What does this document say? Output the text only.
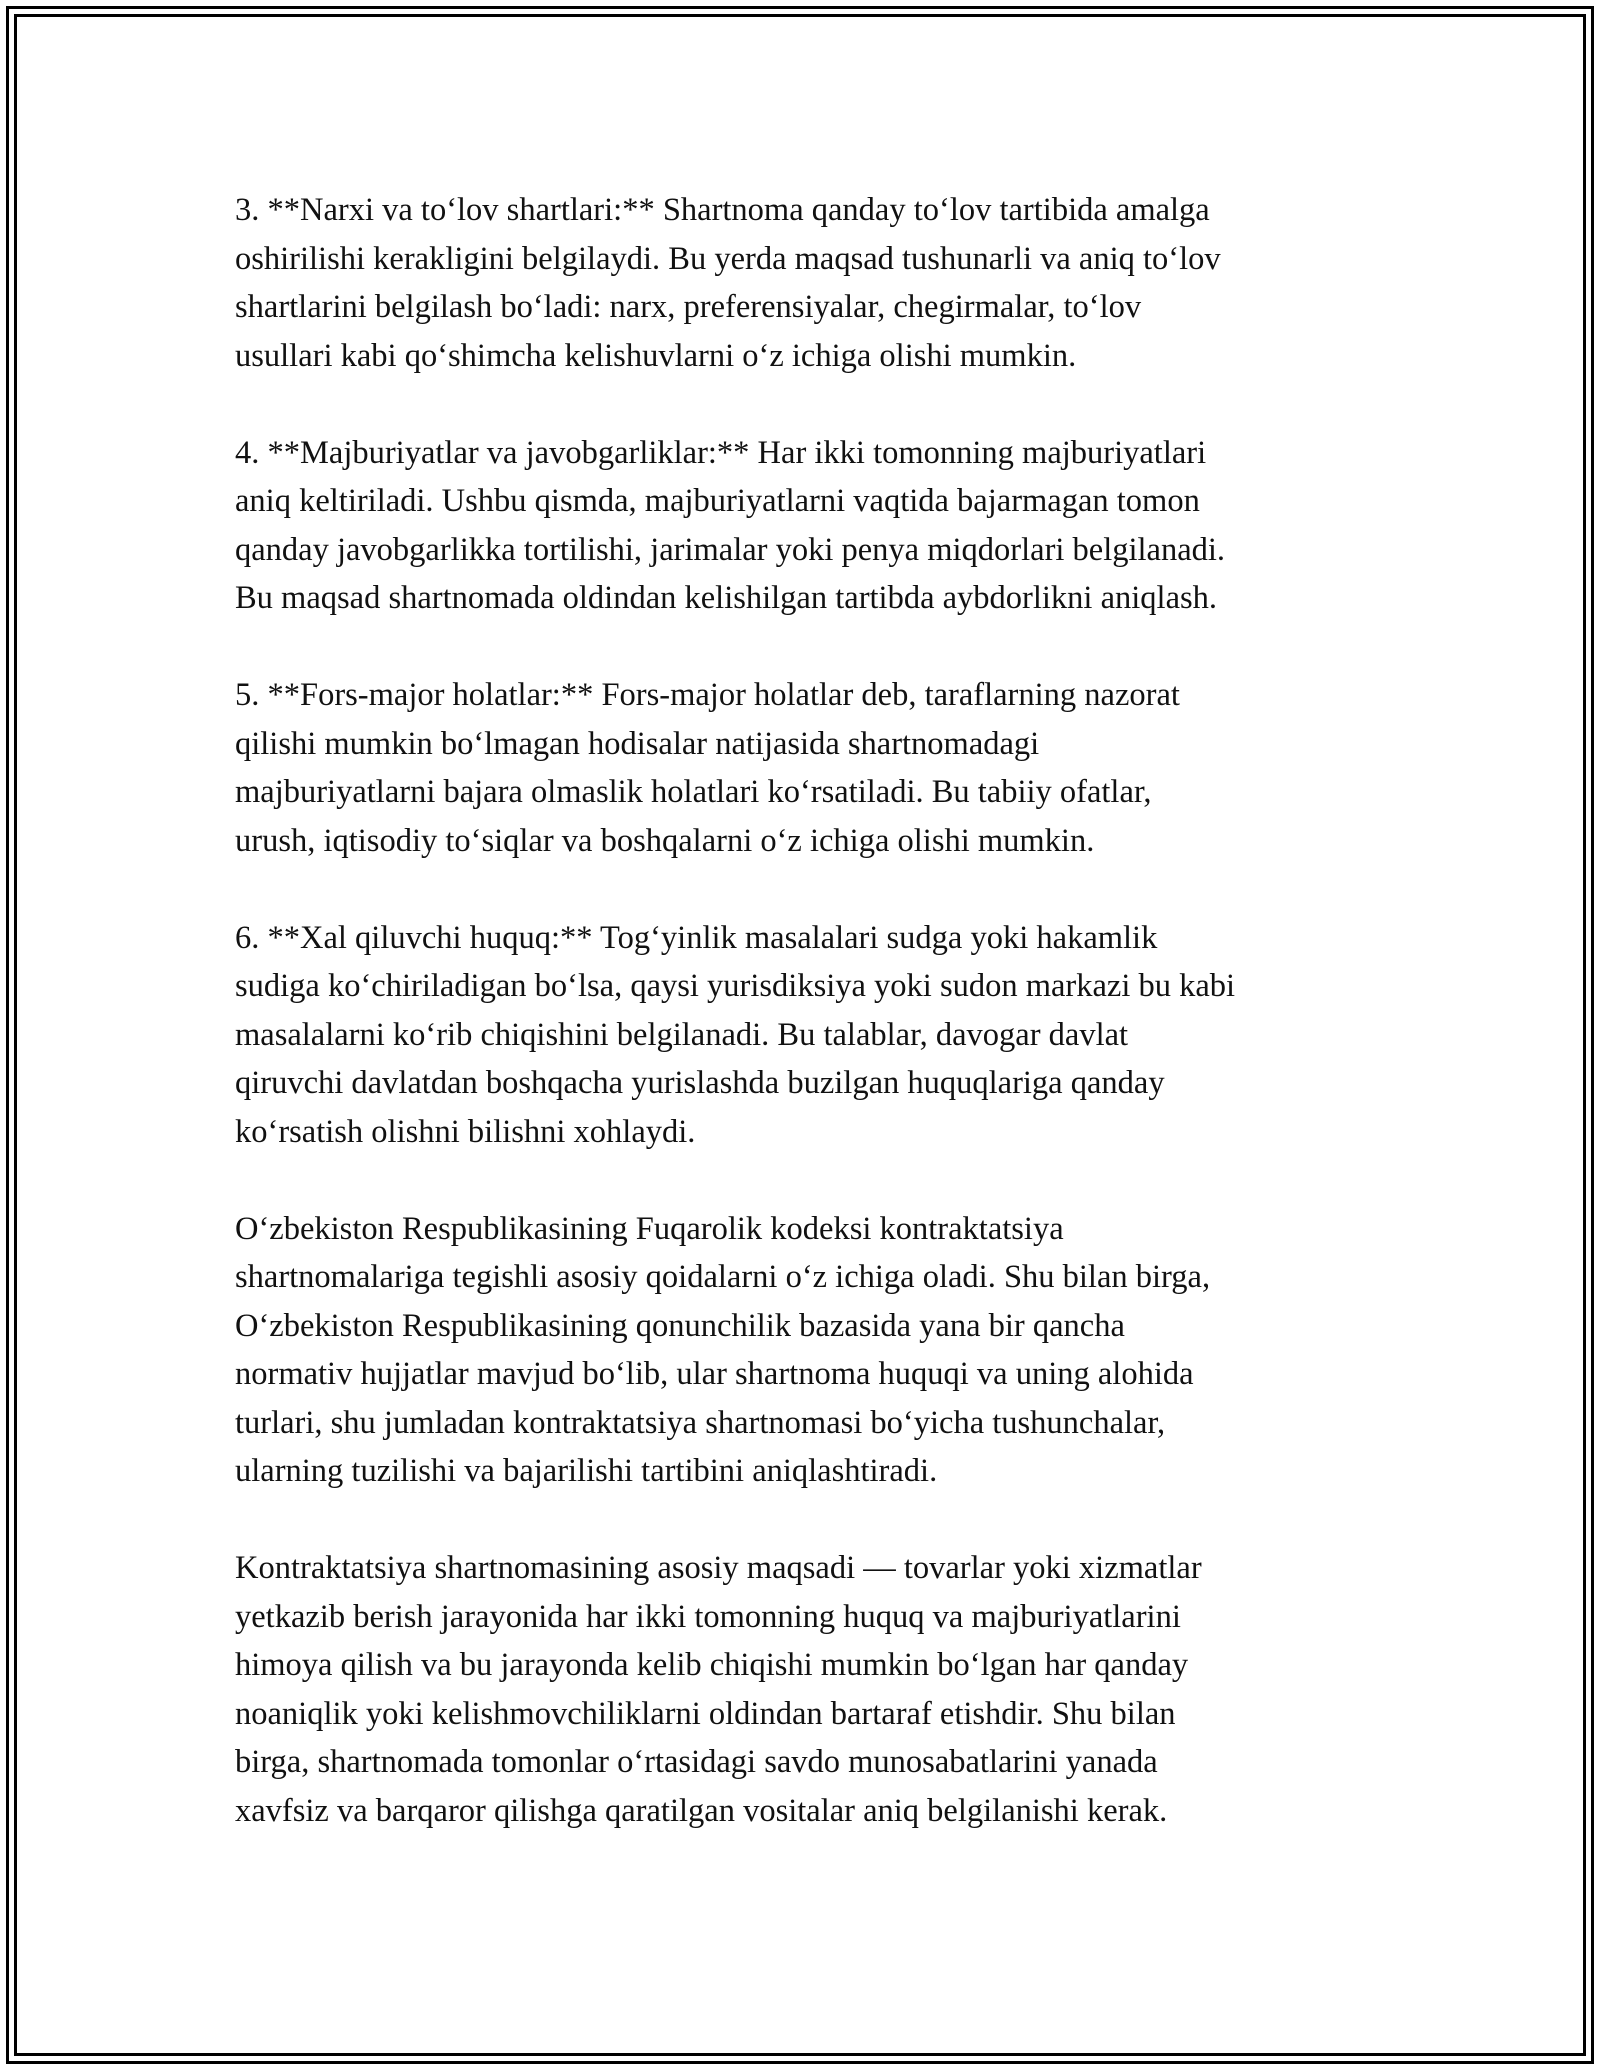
3. **Narxi va to‘lov shartlari:** Shartnoma qanday to‘lov tartibida amalga
oshirilishi kerakligini belgilaydi. Bu yerda maqsad tushunarli va aniq to‘lov
shartlarini belgilash bo‘ladi: narx, preferensiyalar, chegirmalar, to‘lov
usullari kabi qo‘shimcha kelishuvlarni o‘z ichiga olishi mumkin.

4. **Majburiyatlar va javobgarliklar:** Har ikki tomonning majburiyatlari
aniq keltiriladi. Ushbu qismda, majburiyatlarni vaqtida bajarmagan tomon
qanday javobgarlikka tortilishi, jarimalar yoki penya miqdorlari belgilanadi.
Bu maqsad shartnomada oldindan kelishilgan tartibda aybdorlikni aniqlash.

5. **Fors-major holatlar:** Fors-major holatlar deb, taraflarning nazorat
qilishi mumkin bo‘lmagan hodisalar natijasida shartnomadagi
majburiyatlarni bajara olmaslik holatlari ko‘rsatiladi. Bu tabiiy ofatlar,
urush, iqtisodiy to‘siqlar va boshqalarni o‘z ichiga olishi mumkin.

6. **Xal qiluvchi huquq:** Tog‘yinlik masalalari sudga yoki hakamlik
sudiga ko‘chiriladigan bo‘lsa, qaysi yurisdiksiya yoki sudon markazi bu kabi
masalalarni ko‘rib chiqishini belgilanadi. Bu talablar, davogar davlat
qiruvchi davlatdan boshqacha yurislashda buzilgan huquqlariga qanday
ko‘rsatish olishni bilishni xohlaydi.

O‘zbekiston Respublikasining Fuqarolik kodeksi kontraktatsiya
shartnomalariga tegishli asosiy qoidalarni o‘z ichiga oladi. Shu bilan birga,
O‘zbekiston Respublikasining qonunchilik bazasida yana bir qancha
normativ hujjatlar mavjud bo‘lib, ular shartnoma huquqi va uning alohida
turlari, shu jumladan kontraktatsiya shartnomasi bo‘yicha tushunchalar,
ularning tuzilishi va bajarilishi tartibini aniqlashtiradi.

Kontraktatsiya shartnomasining asosiy maqsadi — tovarlar yoki xizmatlar
yetkazib berish jarayonida har ikki tomonning huquq va majburiyatlarini
himoya qilish va bu jarayonda kelib chiqishi mumkin bo‘lgan har qanday
noaniqlik yoki kelishmovchiliklarni oldindan bartaraf etishdir. Shu bilan
birga, shartnomada tomonlar o‘rtasidagi savdo munosabatlarini yanada
xavfsiz va barqaror qilishga qaratilgan vositalar aniq belgilanishi kerak.
